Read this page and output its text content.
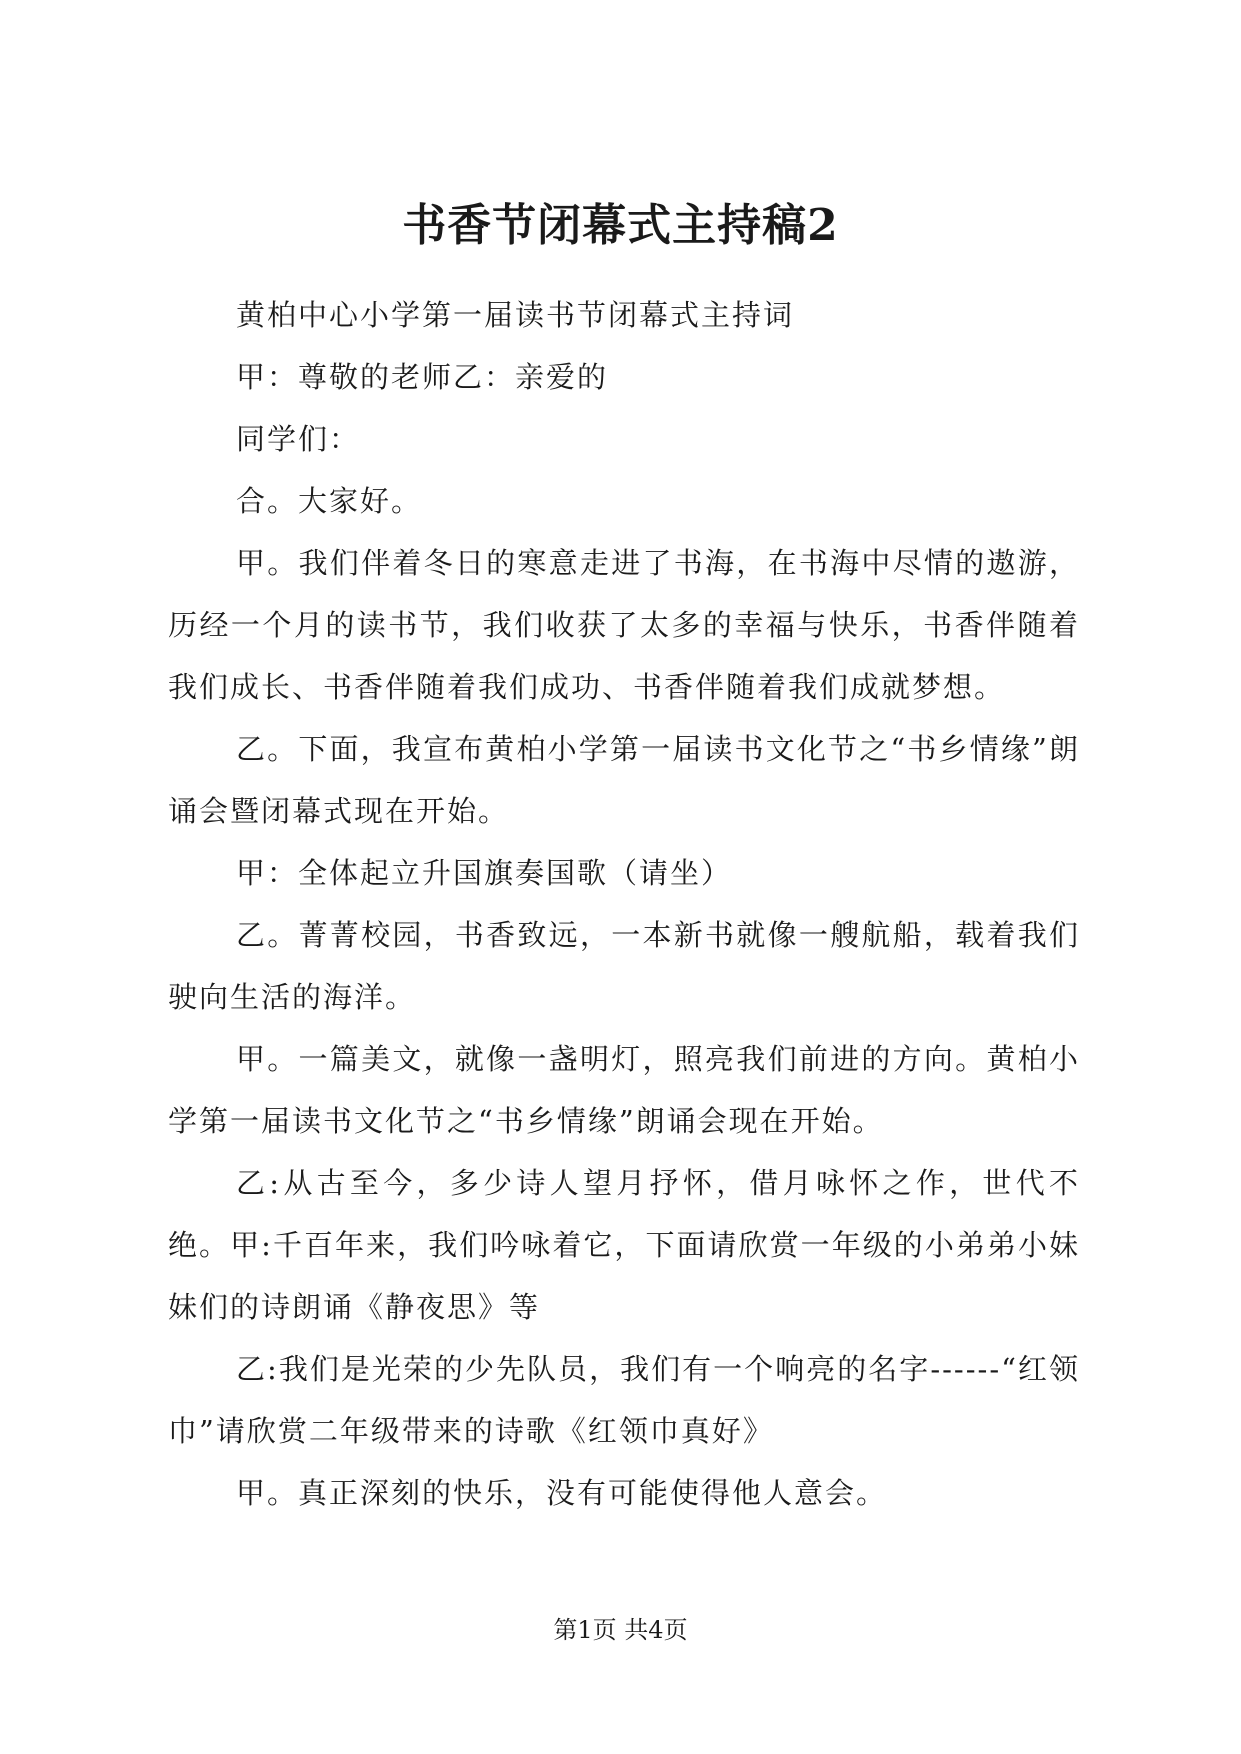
书香节闭幕式主持稿2

黄柏中心小学第一届读书节闭幕式主持词

甲：尊敬的老师乙：亲爱的

同学们：

合。大家好。

甲。我们伴着冬日的寒意走进了书海，在书海中尽情的遨游，历经一个月的读书节，我们收获了太多的幸福与快乐，书香伴随着我们成长、书香伴随着我们成功、书香伴随着我们成就梦想。

乙。下面，我宣布黄柏小学第一届读书文化节之“书乡情缘”朗诵会暨闭幕式现在开始。

甲：全体起立升国旗奏国歌（请坐）

乙。菁菁校园，书香致远，一本新书就像一艘航船，载着我们驶向生活的海洋。

甲。一篇美文，就像一盏明灯，照亮我们前进的方向。黄柏小学第一届读书文化节之“书乡情缘”朗诵会现在开始。

乙:从古至今，多少诗人望月抒怀，借月咏怀之作，世代不绝。甲:千百年来，我们吟咏着它，下面请欣赏一年级的小弟弟小妹妹们的诗朗诵《静夜思》等

乙:我们是光荣的少先队员，我们有一个响亮的名字------“红领巾”请欣赏二年级带来的诗歌《红领巾真好》

甲。真正深刻的快乐，没有可能使得他人意会。

第1页 共4页
